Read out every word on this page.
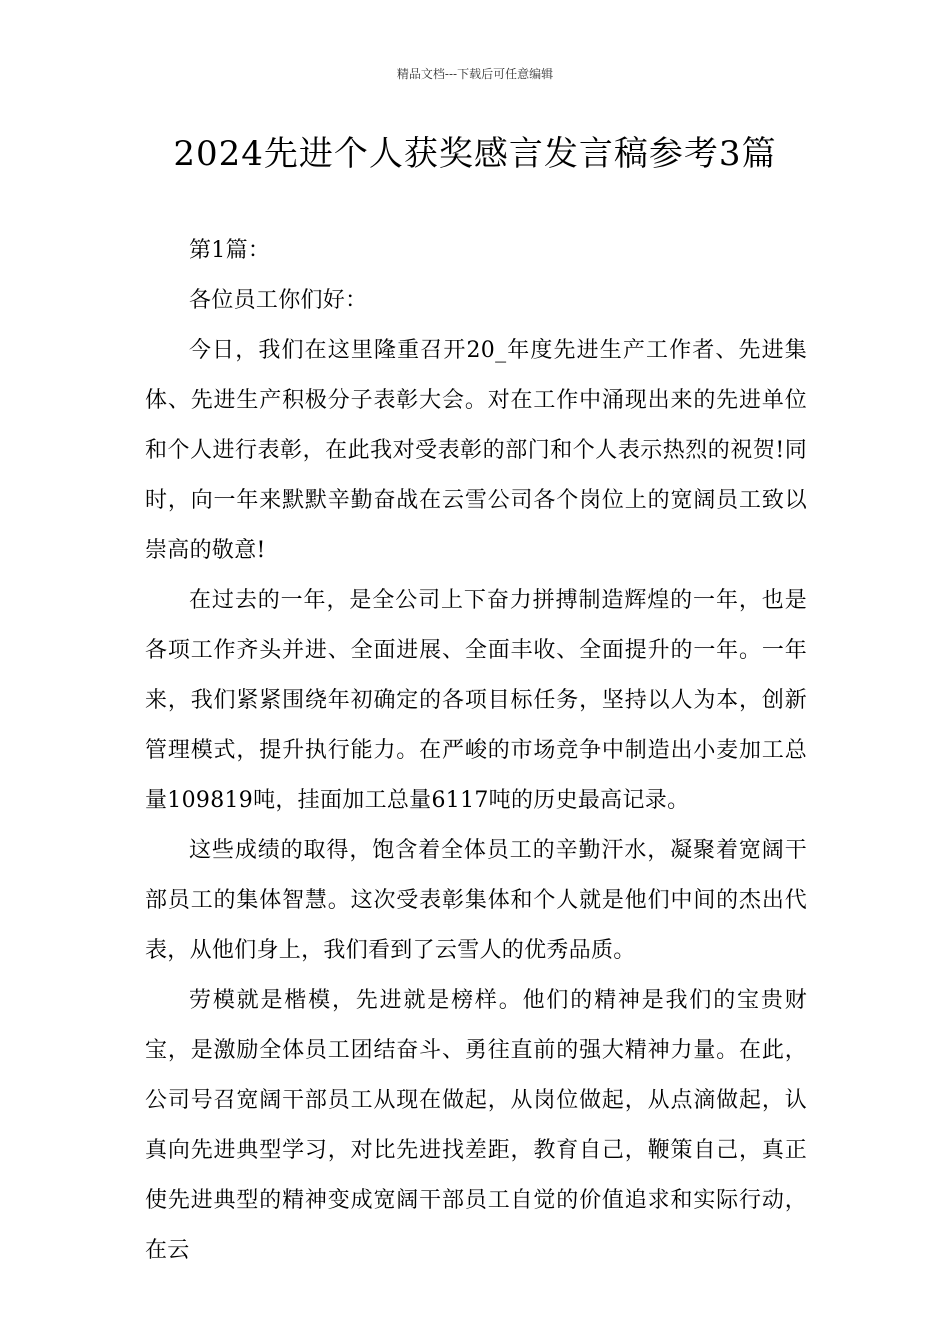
精品文档---下载后可任意编辑
2024先进个人获奖感言发言稿参考3篇

第1篇：

各位员工你们好：

今日，我们在这里隆重召开20_年度先进生产工作者、先进集体、先进生产积极分子表彰大会。对在工作中涌现出来的先进单位和个人进行表彰，在此我对受表彰的部门和个人表示热烈的祝贺!同时，向一年来默默辛勤奋战在云雪公司各个岗位上的宽阔员工致以崇高的敬意!

在过去的一年，是全公司上下奋力拼搏制造辉煌的一年，也是各项工作齐头并进、全面进展、全面丰收、全面提升的一年。一年来，我们紧紧围绕年初确定的各项目标任务，坚持以人为本，创新管理模式，提升执行能力。在严峻的市场竞争中制造出小麦加工总量109819吨，挂面加工总量6117吨的历史最高记录。

这些成绩的取得，饱含着全体员工的辛勤汗水，凝聚着宽阔干部员工的集体智慧。这次受表彰集体和个人就是他们中间的杰出代表，从他们身上，我们看到了云雪人的优秀品质。

劳模就是楷模，先进就是榜样。他们的精神是我们的宝贵财宝，是激励全体员工团结奋斗、勇往直前的强大精神力量。在此，公司号召宽阔干部员工从现在做起，从岗位做起，从点滴做起，认真向先进典型学习，对比先进找差距，教育自己，鞭策自己，真正使先进典型的精神变成宽阔干部员工自觉的价值追求和实际行动，在云
